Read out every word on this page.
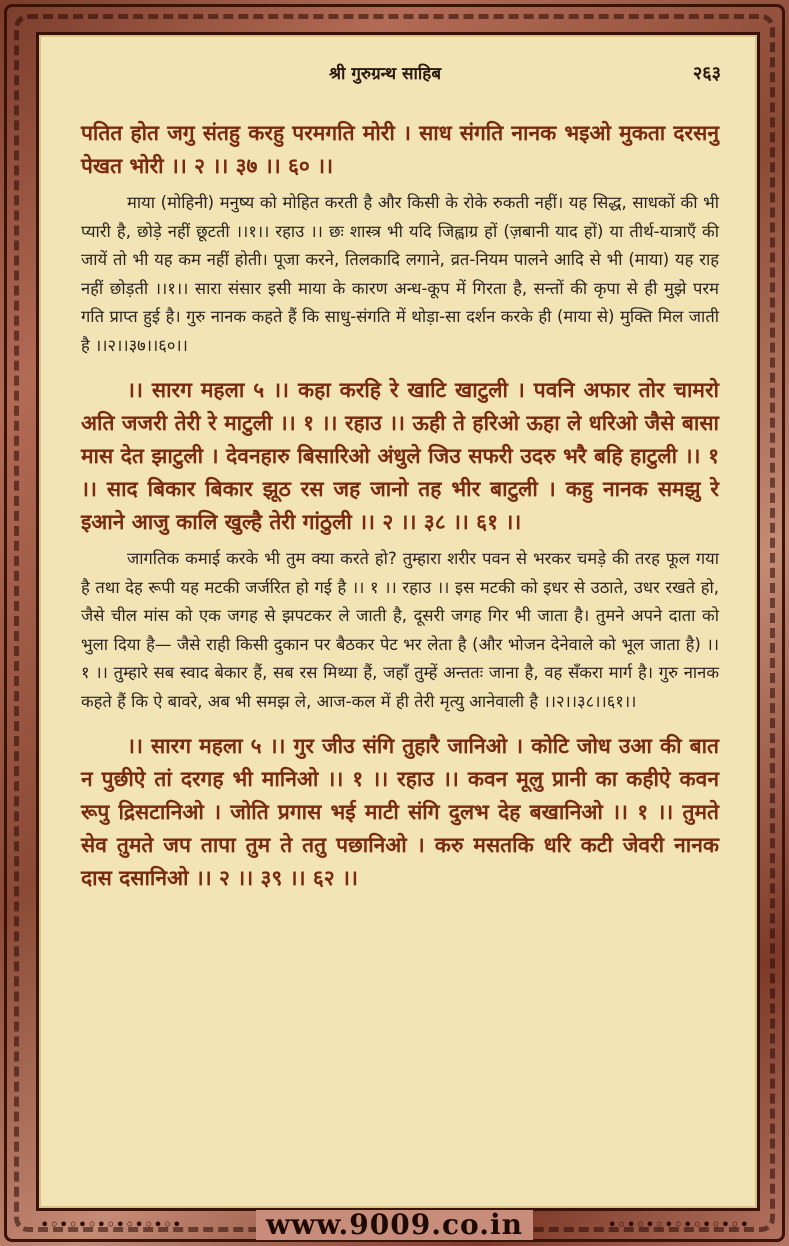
श्री गुरुग्रन्थ साहिब	२६३

पतित होत जगु संतहु करहु परमगति मोरी । साध संगति नानक भइओ मुकता दरसनु पेखत भोरी ।। २ ।। ३७ ।। ६० ।।

माया (मोहिनी) मनुष्य को मोहित करती है और किसी के रोके रुकती नहीं। यह सिद्ध, साधकों की भी प्यारी है, छोड़े नहीं छूटती ।।१।। रहाउ ।। छः शास्त्र भी यदि जिह्वाग्र हों (ज़बानी याद हों) या तीर्थ-यात्राएँ की जायें तो भी यह कम नहीं होती। पूजा करने, तिलकादि लगाने, व्रत-नियम पालने आदि से भी (माया) यह राह नहीं छोड़ती ।।१।। सारा संसार इसी माया के कारण अन्ध-कूप में गिरता है, सन्तों की कृपा से ही मुझे परम गति प्राप्त हुई है। गुरु नानक कहते हैं कि साधु-संगति में थोड़ा-सा दर्शन करके ही (माया से) मुक्ति मिल जाती है ।।२।।३७।।६०।।

।। सारग महला ५ ।। कहा करहि रे खाटि खाटुली । पवनि अफार तोर चामरो अति जजरी तेरी रे माटुली ।। १ ।। रहाउ ।। ऊही ते हरिओ ऊहा ले धरिओ जैसे बासा मास देत झाटुली । देवनहारु बिसारिओ अंधुले जिउ सफरी उदरु भरै बहि हाटुली ।। १ ।। साद बिकार बिकार झूठ रस जह जानो तह भीर बाटुली । कहु नानक समझु रे इआने आजु कालि खुल्है तेरी गांठुली ।। २ ।। ३८ ।। ६१ ।।

जागतिक कमाई करके भी तुम क्या करते हो? तुम्हारा शरीर पवन से भरकर चमड़े की तरह फूल गया है तथा देह रूपी यह मटकी जर्जरित हो गई है ।। १ ।। रहाउ ।। इस मटकी को इधर से उठाते, उधर रखते हो, जैसे चील मांस को एक जगह से झपटकर ले जाती है, दूसरी जगह गिर भी जाता है। तुमने अपने दाता को भुला दिया है— जैसे राही किसी दुकान पर बैठकर पेट भर लेता है (और भोजन देनेवाले को भूल जाता है) ।। १ ।। तुम्हारे सब स्वाद बेकार हैं, सब रस मिथ्या हैं, जहाँ तुम्हें अन्ततः जाना है, वह सँकरा मार्ग है। गुरु नानक कहते हैं कि ऐ बावरे, अब भी समझ ले, आज-कल में ही तेरी मृत्यु आनेवाली है ।।२।।३८।।६१।।

।। सारग महला ५ ।। गुर जीउ संगि तुहारै जानिओ । कोटि जोध उआ की बात न पुछीऐ तां दरगह भी मानिओ ।। १ ।। रहाउ ।। कवन मूलु प्रानी का कहीऐ कवन रूपु द्रिसटानिओ । जोति प्रगास भई माटी संगि दुलभ देह बखानिओ ।। १ ।। तुमते सेव तुमते जप तापा तुम ते ततु पछानिओ । करु मसतकि धरि कटी जेवरी नानक दास दसानिओ ।। २ ।। ३९ ।। ६२ ।।

•◦•◦•◦•◦•◦•◦•◦•	•◦•◦•◦•◦•◦•◦•◦•
www.9009.co.in
